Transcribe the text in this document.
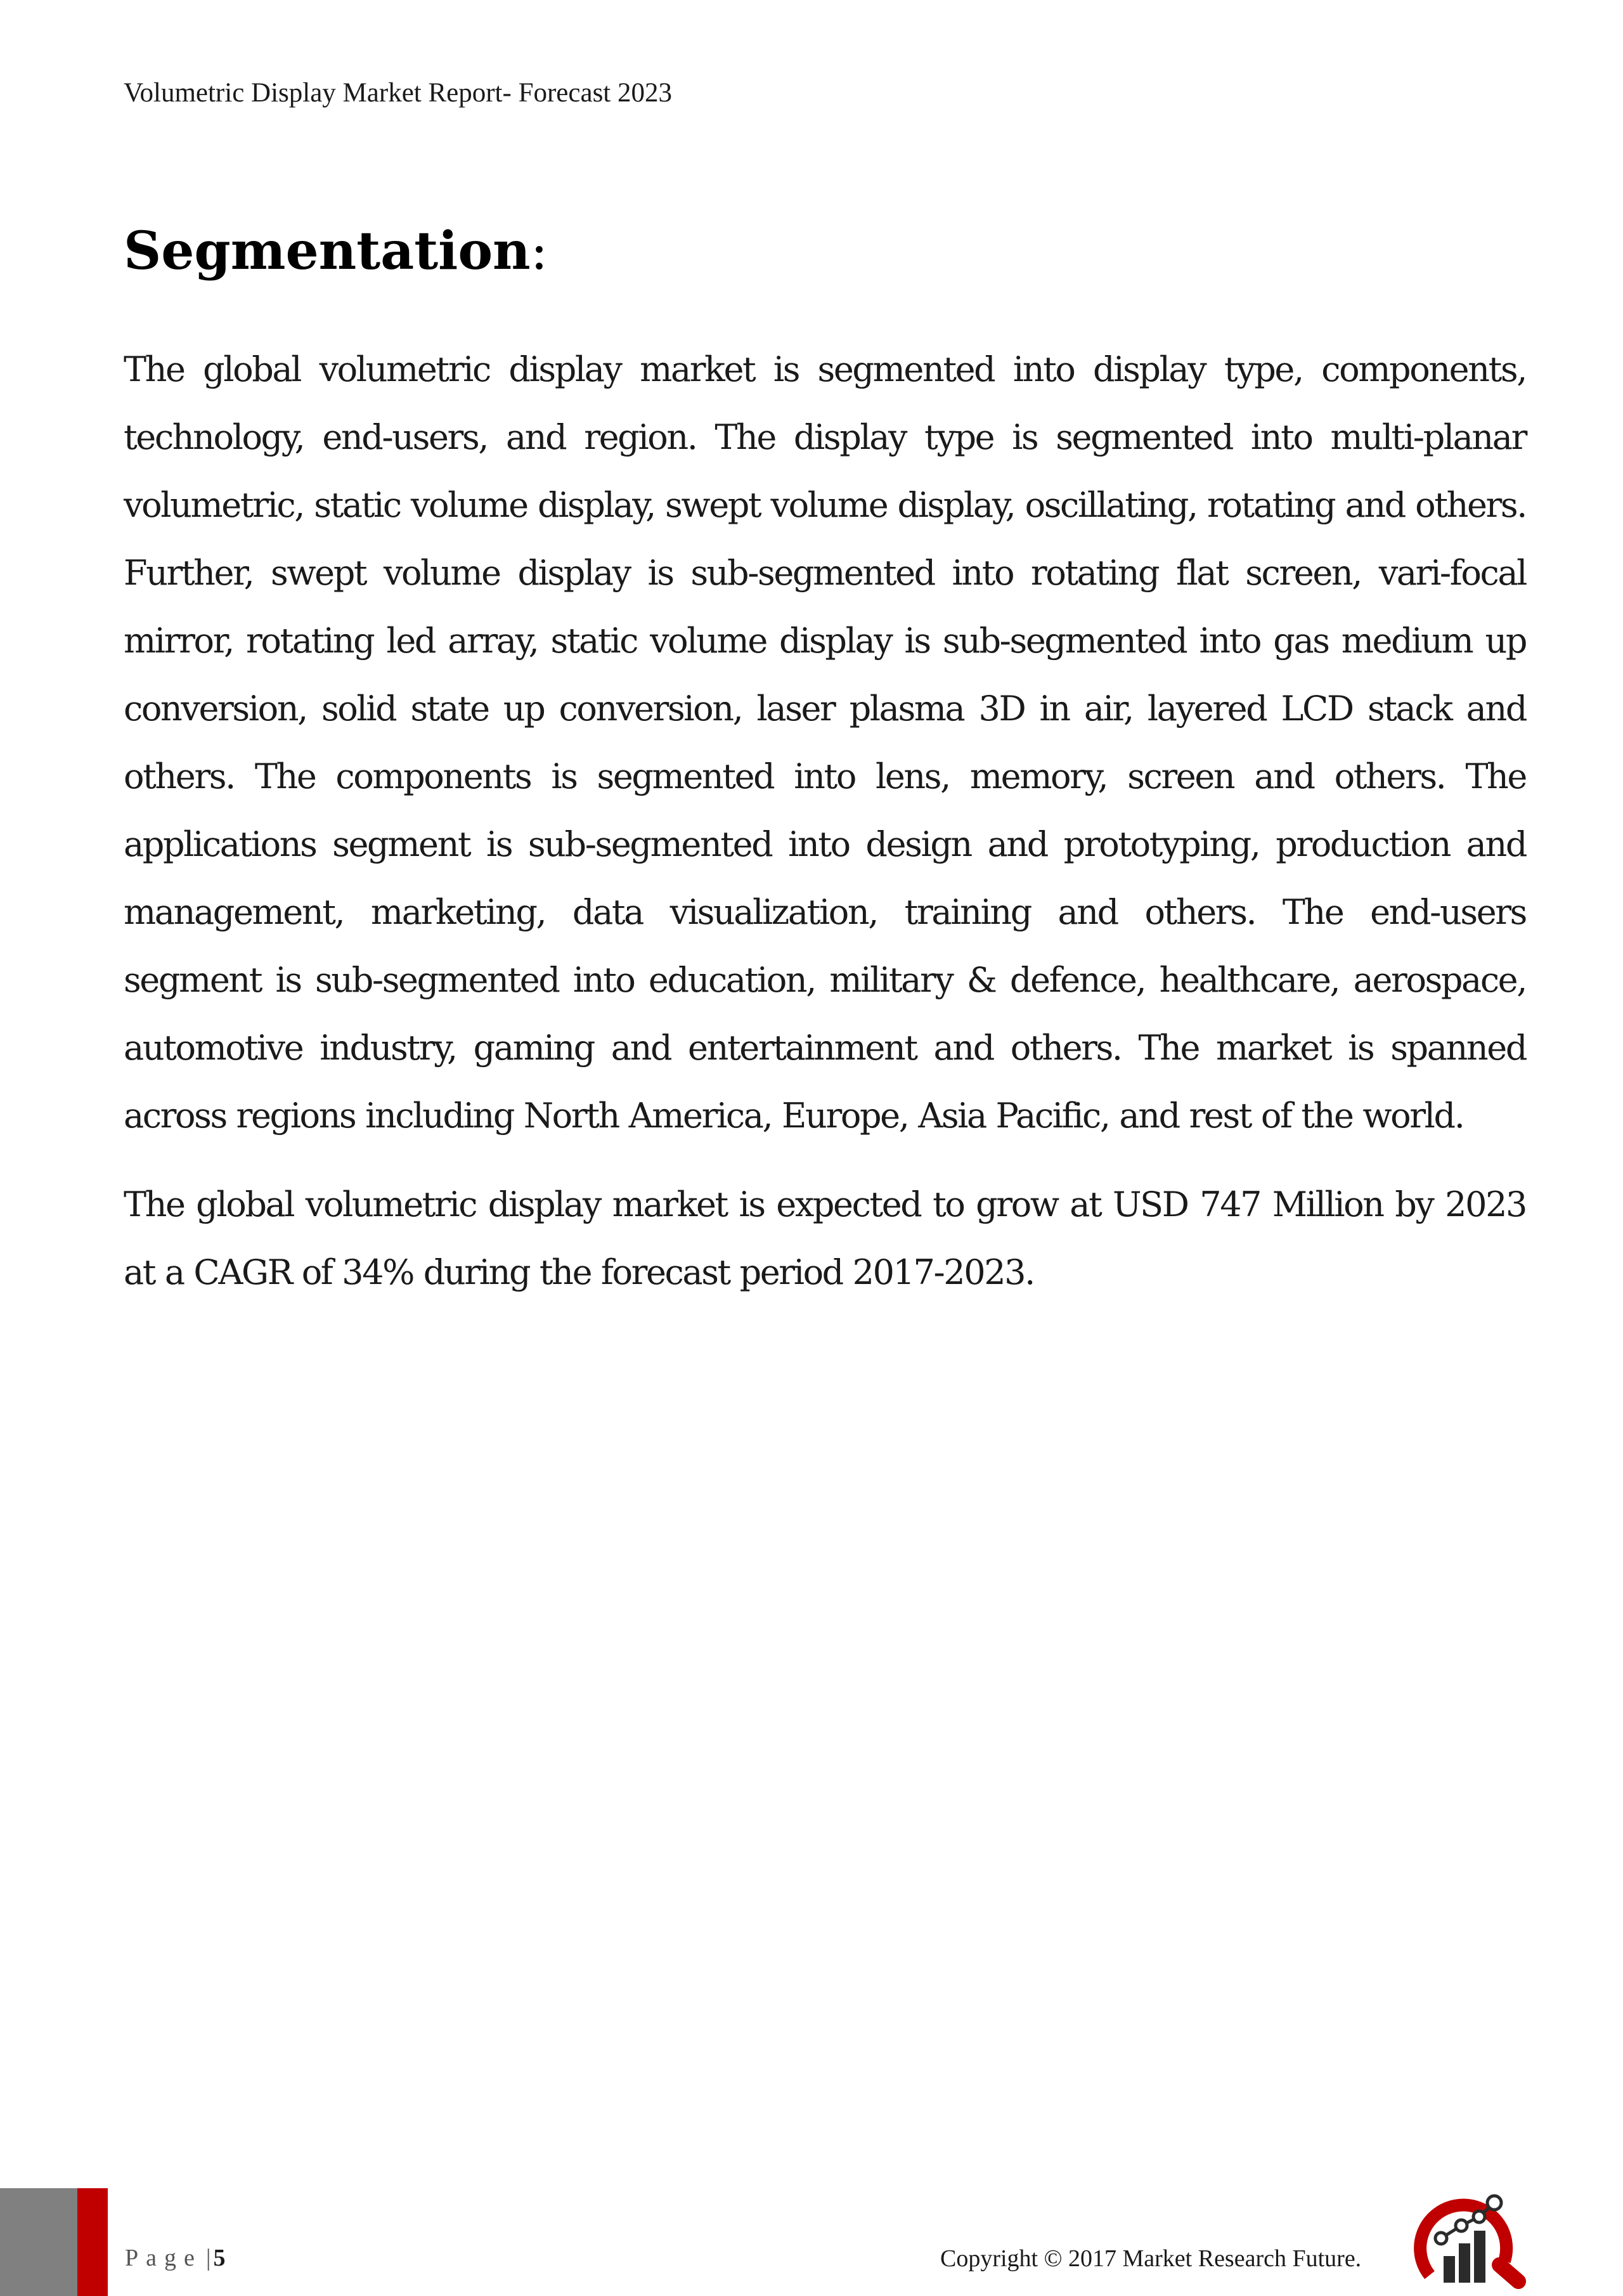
Volumetric Display Market Report- Forecast 2023
Segmentation:

The global volumetric display market is segmented into display type, components, technology, end-users, and region. The display type is segmented into multi-planar volumetric, static volume display, swept volume display, oscillating, rotating and others. Further, swept volume display is sub-segmented into rotating flat screen, vari-focal mirror, rotating led array, static volume display is sub-segmented into gas medium up conversion, solid state up conversion, laser plasma 3D in air, layered LCD stack and others. The components is segmented into lens, memory, screen and others. The applications segment is sub-segmented into design and prototyping, production and management, marketing, data visualization, training and others. The end-users segment is sub-segmented into education, military & defence, healthcare, aerospace, automotive industry, gaming and entertainment and others. The market is spanned across regions including North America, Europe, Asia Pacific, and rest of the world.

The global volumetric display market is expected to grow at USD 747 Million by 2023 at a CAGR of 34% during the forecast period 2017-2023.

Page | 5	Copyright © 2017 Market Research Future.
